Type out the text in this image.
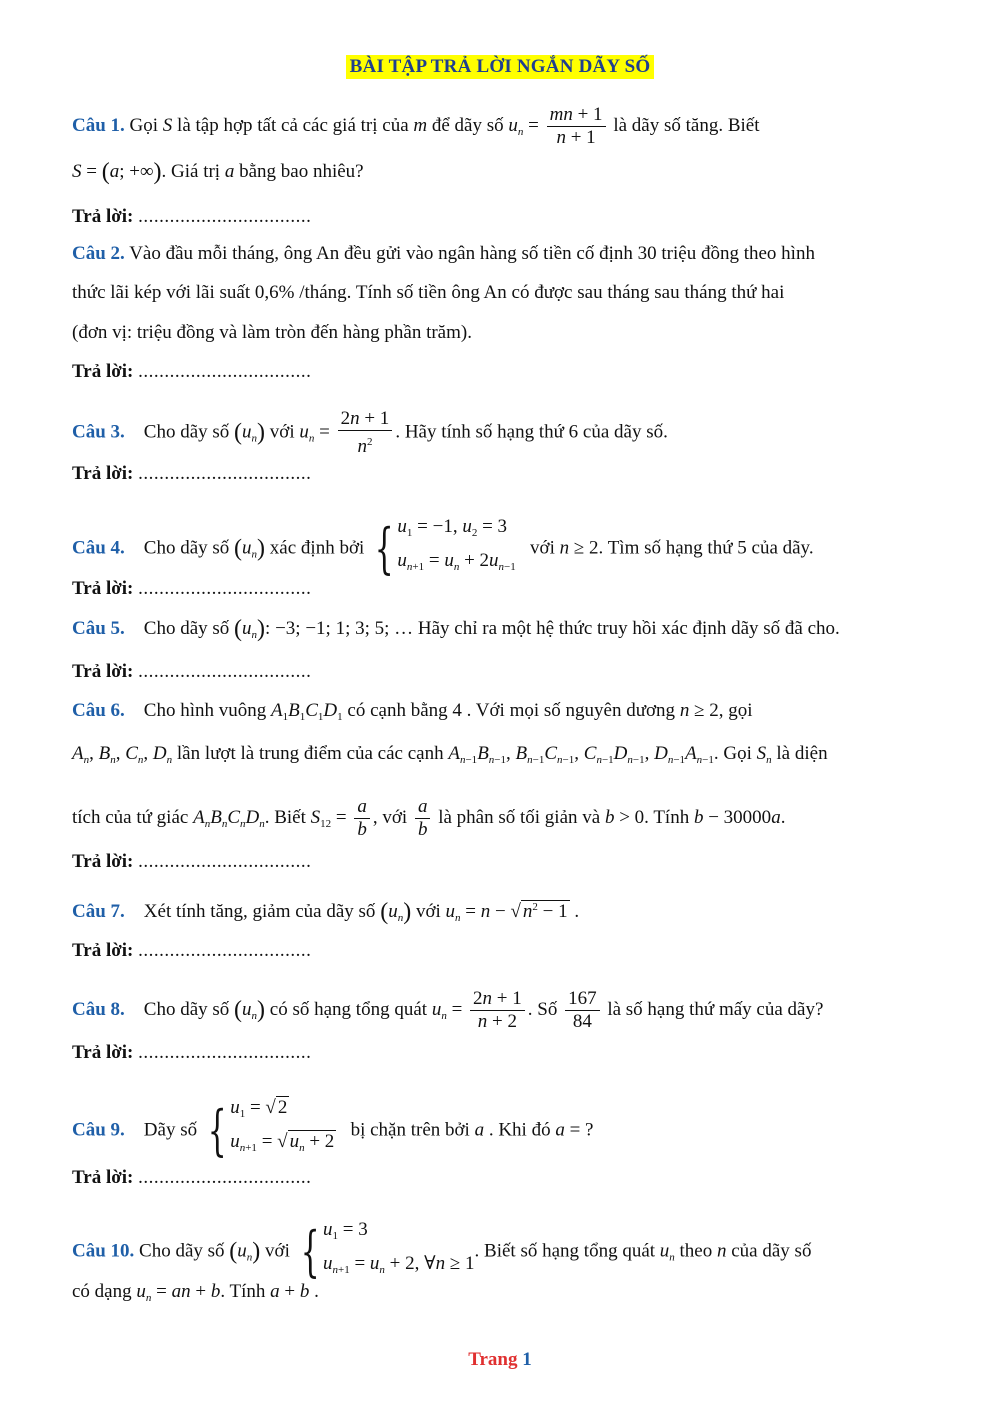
BÀI TẬP TRẢ LỜI NGẮN DÃY SỐ
Câu 1. Gọi S là tập hợp tất cả các giá trị của m để dãy số $u_n = \frac{mn + 1}{n + 1}$ là dãy số tăng. Biết
S = (a; +∞). Giá trị a bằng bao nhiêu?
Trả lời: .................................
Câu 2. Vào đầu mỗi tháng, ông An đều gửi vào ngân hàng số tiền cố định 30 triệu đồng theo hình
thức lãi kép với lãi suất 0,6% /tháng. Tính số tiền ông An có được sau tháng sau tháng thứ hai
(đơn vị: triệu đồng và làm tròn đến hàng phần trăm).
Trả lời: .................................
Câu 3. Cho dãy số $(u_n)$ với $u_n = \frac{2n + 1}{n^2}$ . Hãy tính số hạng thứ 6 của dãy số.
Trả lời: .................................
Câu 4. Cho dãy số $(u_n)$ xác định bởi { $u_1 = -1$, $u_2 = 3$
$u_{n+1} = u_n + 2u_{n-1}$
với n ≥ 2. Tìm số hạng thứ 5 của dãy.
Trả lời: .................................
Câu 5. Cho dãy số $(u_n)$: −3; −1; 1; 3; 5; … Hãy chỉ ra một hệ thức truy hồi xác định dãy số đã cho.
Trả lời: .................................
Câu 6. Cho hình vuông $A_1B_1C_1D_1$ có cạnh bằng 4 . Với mọi số nguyên dương n ≥ 2, gọi
$A_n$, $B_n$, $C_n$, $D_n$ lần lượt là trung điểm của các cạnh $A_{n-1}B_{n-1}$, $B_{n-1}C_{n-1}$, $C_{n-1}D_{n-1}$, $D_{n-1}A_{n-1}$. Gọi $S_n$ là diện
tích của tứ giác $A_nB_nC_nD_n$. Biết $S_{12} = \frac{a}{b}$ , với $\frac{a}{b}$ là phân số tối giản và b > 0. Tính b − 30000a.
Trả lời: .................................
Câu 7. Xét tính tăng, giảm của dãy số $(u_n)$ với $u_n = n$ − √ $n^2 - 1$ .
Trả lời: .................................
Câu 8. Cho dãy số $(u_n)$ có số hạng tổng quát $u_n = \frac{2n + 1}{n + 2}$ . Số $\frac{167}{84}$ là số hạng thứ mấy của dãy?
Trả lời: .................................
Câu 9. Dãy số { $u_1$ = √ 2
$u_{n+1}$ = √ $u_n + 2$
bị chặn trên bởi a . Khi đó a = ?
Trả lời: .................................
Câu 10. Cho dãy số $(u_n)$ với { $u_1 = 3$
$u_{n+1} = u_n + 2$, ∀n ≥ 1
. Biết số hạng tổng quát $u_n$ theo n của dãy số
có dạng $u_n$ = an + b. Tính a + b .
Trang 1
